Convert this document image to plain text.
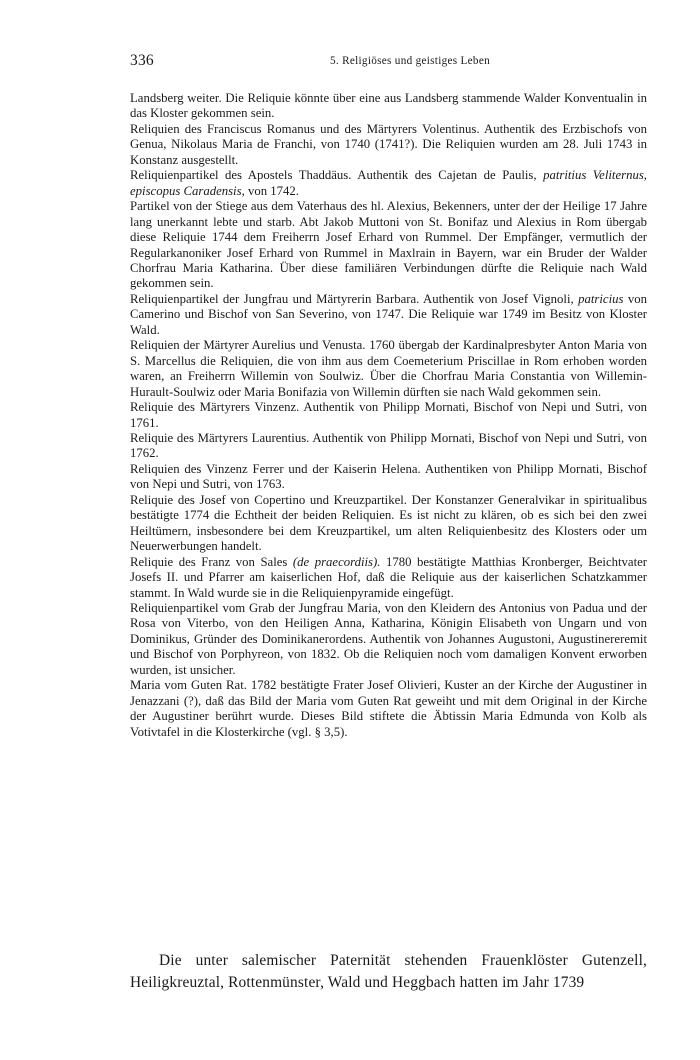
336	5. Religiöses und geistiges Leben

Landsberg weiter. Die Reliquie könnte über eine aus Landsberg stammende Walder Konventualin in das Kloster gekommen sein.

Reliquien des Franciscus Romanus und des Märtyrers Volentinus. Authentik des Erzbischofs von Genua, Nikolaus Maria de Franchi, von 1740 (1741?). Die Reliquien wurden am 28. Juli 1743 in Konstanz ausgestellt.

Reliquienpartikel des Apostels Thaddäus. Authentik des Cajetan de Paulis, patritius Veliternus, episcopus Caradensis, von 1742.

Partikel von der Stiege aus dem Vaterhaus des hl. Alexius, Bekenners, unter der der Heilige 17 Jahre lang unerkannt lebte und starb. Abt Jakob Muttoni von St. Bonifaz und Alexius in Rom übergab diese Reliquie 1744 dem Freiherrn Josef Erhard von Rummel. Der Empfänger, vermutlich der Regularkanoniker Josef Erhard von Rummel in Maxlrain in Bayern, war ein Bruder der Walder Chorfrau Maria Katharina. Über diese familiären Verbindungen dürfte die Reliquie nach Wald gekommen sein.

Reliquienpartikel der Jungfrau und Märtyrerin Barbara. Authentik von Josef Vignoli, patricius von Camerino und Bischof von San Severino, von 1747. Die Reliquie war 1749 im Besitz von Kloster Wald.

Reliquien der Märtyrer Aurelius und Venusta. 1760 übergab der Kardinalpresbyter Anton Maria von S. Marcellus die Reliquien, die von ihm aus dem Coemeterium Priscillae in Rom erhoben worden waren, an Freiherrn Willemin von Soulwiz. Über die Chorfrau Maria Constantia von Willemin-Hurault-Soulwiz oder Maria Bonifazia von Willemin dürften sie nach Wald gekommen sein.

Reliquie des Märtyrers Vinzenz. Authentik von Philipp Mornati, Bischof von Nepi und Sutri, von 1761.

Reliquie des Märtyrers Laurentius. Authentik von Philipp Mornati, Bischof von Nepi und Sutri, von 1762.

Reliquien des Vinzenz Ferrer und der Kaiserin Helena. Authentiken von Philipp Mornati, Bischof von Nepi und Sutri, von 1763.

Reliquie des Josef von Copertino und Kreuzpartikel. Der Konstanzer Generalvikar in spiritualibus bestätigte 1774 die Echtheit der beiden Reliquien. Es ist nicht zu klären, ob es sich bei den zwei Heiltümern, insbesondere bei dem Kreuzpartikel, um alten Reliquienbesitz des Klosters oder um Neuerwerbungen handelt.

Reliquie des Franz von Sales (de praecordiis). 1780 bestätigte Matthias Kronberger, Beichtvater Josefs II. und Pfarrer am kaiserlichen Hof, daß die Reliquie aus der kaiserlichen Schatzkammer stammt. In Wald wurde sie in die Reliquienpyramide eingefügt.

Reliquienpartikel vom Grab der Jungfrau Maria, von den Kleidern des Antonius von Padua und der Rosa von Viterbo, von den Heiligen Anna, Katharina, Königin Elisabeth von Ungarn und von Dominikus, Gründer des Dominikanerordens. Authentik von Johannes Augustoni, Augustinereremit und Bischof von Porphyreon, von 1832. Ob die Reliquien noch vom damaligen Konvent erworben wurden, ist unsicher.

Maria vom Guten Rat. 1782 bestätigte Frater Josef Olivieri, Kuster an der Kirche der Augustiner in Jenazzani (?), daß das Bild der Maria vom Guten Rat geweiht und mit dem Original in der Kirche der Augustiner berührt wurde. Dieses Bild stiftete die Äbtissin Maria Edmunda von Kolb als Votivtafel in die Klosterkirche (vgl. § 3,5).

Die unter salemischer Paternität stehenden Frauenklöster Gutenzell, Heiligkreuztal, Rottenmünster, Wald und Heggbach hatten im Jahr 1739
